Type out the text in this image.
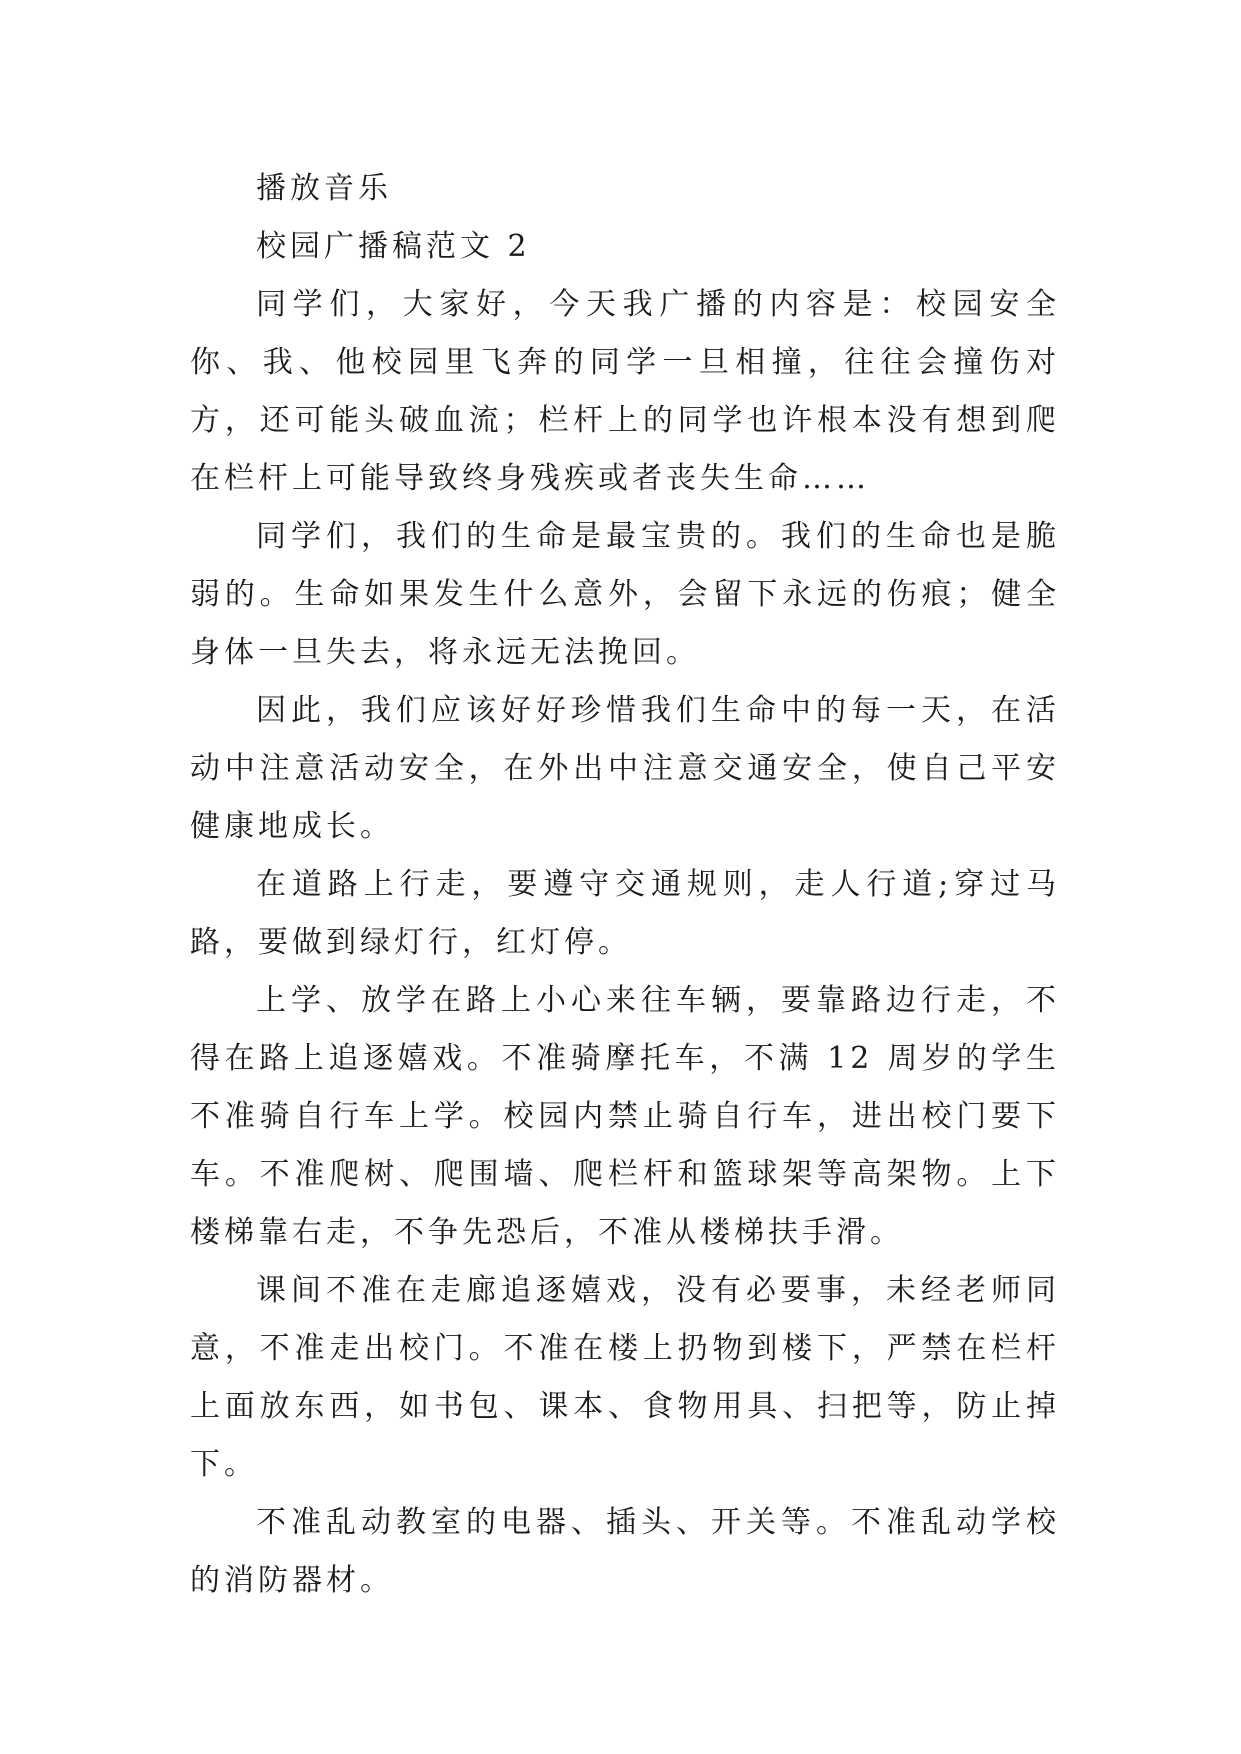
播放音乐

校园广播稿范文 2

同学们，大家好，今天我广播的内容是：校园安全你、我、他校园里飞奔的同学一旦相撞，往往会撞伤对方，还可能头破血流；栏杆上的同学也许根本没有想到爬在栏杆上可能导致终身残疾或者丧失生命……

同学们，我们的生命是最宝贵的。我们的生命也是脆弱的。生命如果发生什么意外，会留下永远的伤痕；健全身体一旦失去，将永远无法挽回。

因此，我们应该好好珍惜我们生命中的每一天，在活动中注意活动安全，在外出中注意交通安全，使自己平安健康地成长。

在道路上行走，要遵守交通规则，走人行道;穿过马路，要做到绿灯行，红灯停。

上学、放学在路上小心来往车辆，要靠路边行走，不得在路上追逐嬉戏。不准骑摩托车，不满 12 周岁的学生不准骑自行车上学。校园内禁止骑自行车，进出校门要下车。不准爬树、爬围墙、爬栏杆和篮球架等高架物。上下楼梯靠右走，不争先恐后，不准从楼梯扶手滑。

课间不准在走廊追逐嬉戏，没有必要事，未经老师同意，不准走出校门。不准在楼上扔物到楼下，严禁在栏杆上面放东西，如书包、课本、食物用具、扫把等，防止掉下。

不准乱动教室的电器、插头、开关等。不准乱动学校的消防器材。
